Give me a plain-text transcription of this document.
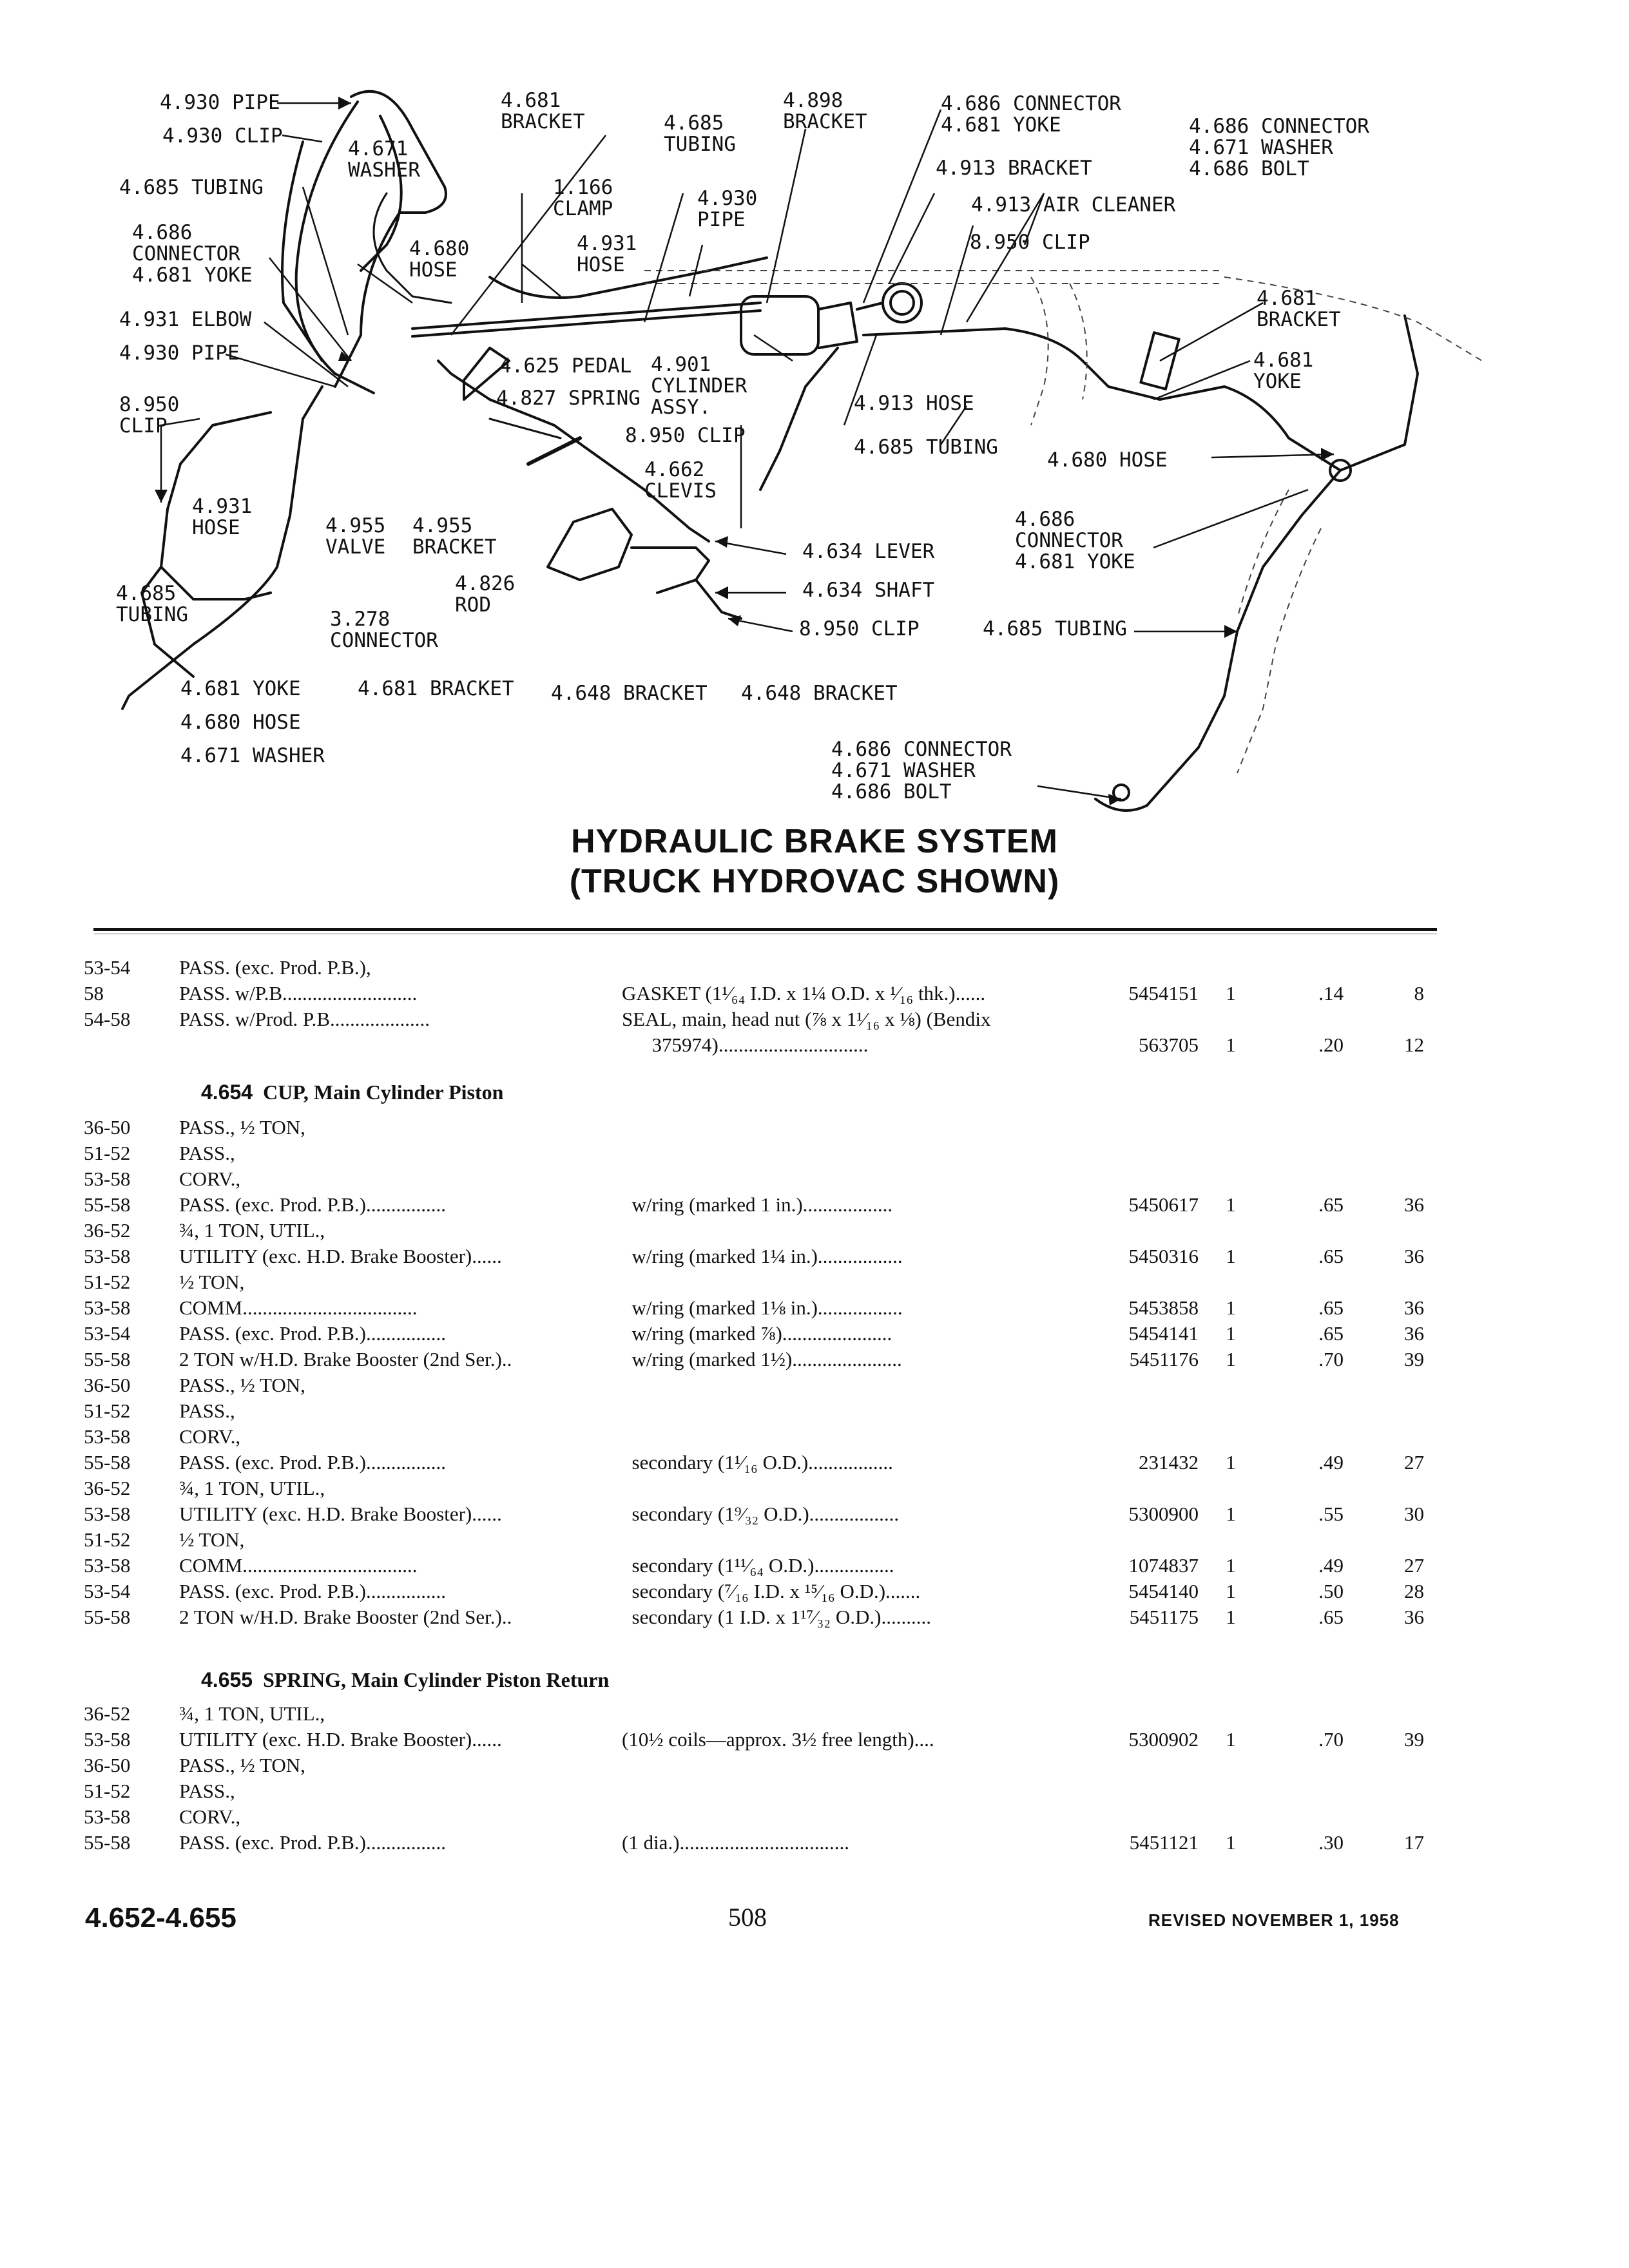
4.930 PIPE
4.930 CLIP
4.685 TUBING
4.686
CONNECTOR
4.681 YOKE
4.931 ELBOW
4.930 PIPE
8.950
CLIP
4.931
HOSE
4.685
TUBING
4.681 YOKE
4.680 HOSE
4.671 WASHER
4.681
BRACKET
4.671
WASHER
4.680
HOSE
1.166
CLAMP
4.931
HOSE
4.685
TUBING
4.930
PIPE
4.898
BRACKET
4.686 CONNECTOR
4.681 YOKE
4.913 BRACKET
4.913 AIR CLEANER
8.950 CLIP
4.686 CONNECTOR
4.671 WASHER
4.686 BOLT
4.681
BRACKET
4.681
YOKE
4.625 PEDAL
4.827 SPRING
4.901
CYLINDER
ASSY.
8.950 CLIP
4.913 HOSE
4.685 TUBING
4.680 HOSE
4.662
CLEVIS
4.955
VALVE
4.955
BRACKET
3.278
CONNECTOR
4.826
ROD
4.634 LEVER
4.634 SHAFT
8.950 CLIP
4.686
CONNECTOR
4.681 YOKE
4.685 TUBING
4.681 BRACKET 4.648 BRACKET 4.648 BRACKET
4.686 CONNECTOR
4.671 WASHER
4.686 BOLT
HYDRAULIC BRAKE SYSTEM
(TRUCK HYDROVAC SHOWN)
53-54 PASS. (exc. Prod. P.B.),
58	PASS. w/P.B...........................	GASKET (1¹⁄₆₄ I.D. x 1¼ O.D. x ¹⁄₁₆ thk.)......	5454151 1	.14	8
54-58 PASS. w/Prod. P.B....................	SEAL, main, head nut (⅞ x 1¹⁄₁₆ x ⅛) (Bendix
375974)..............................	563705 1	.20	12
4.654 CUP, Main Cylinder Piston
36-50 PASS., ½ TON,
51-52 PASS.,
53-58 CORV.,
55-58 PASS. (exc. Prod. P.B.)................	w/ring (marked 1 in.)..................	5450617 1	.65	36
36-52 ¾, 1 TON, UTIL.,
53-58 UTILITY (exc. H.D. Brake Booster)......	w/ring (marked 1¼ in.).................	5450316 1	.65	36
51-52 ½ TON,
53-58 COMM...................................	w/ring (marked 1⅛ in.).................	5453858 1	.65	36
53-54 PASS. (exc. Prod. P.B.)................	w/ring (marked ⅞)......................	5454141 1	.65	36
55-58 2 TON w/H.D. Brake Booster (2nd Ser.)..	w/ring (marked 1½)......................	5451176 1	.70	39
36-50 PASS., ½ TON,
51-52 PASS.,
53-58 CORV.,
55-58 PASS. (exc. Prod. P.B.)................	secondary (1¹⁄₁₆ O.D.).................	231432 1	.49	27
36-52 ¾, 1 TON, UTIL.,
53-58 UTILITY (exc. H.D. Brake Booster)......	secondary (1⁹⁄₃₂ O.D.)..................	5300900 1	.55	30
51-52 ½ TON,
53-58 COMM...................................	secondary (1¹¹⁄₆₄ O.D.)................	1074837 1	.49	27
53-54 PASS. (exc. Prod. P.B.)................	secondary (⁷⁄₁₆ I.D. x ¹⁵⁄₁₆ O.D.).......	5454140 1	.50	28
55-58 2 TON w/H.D. Brake Booster (2nd Ser.)..	secondary (1 I.D. x 1¹⁷⁄₃₂ O.D.)..........	5451175 1	.65	36
4.655 SPRING, Main Cylinder Piston Return
36-52 ¾, 1 TON, UTIL.,
53-58 UTILITY (exc. H.D. Brake Booster)......	(10½ coils—approx. 3½ free length)....	5300902 1	.70	39
36-50 PASS., ½ TON,
51-52 PASS.,
53-58 CORV.,
55-58 PASS. (exc. Prod. P.B.)................	(1 dia.)..................................	5451121 1	.30	17
4.652-4.655	508	REVISED NOVEMBER 1, 1958
